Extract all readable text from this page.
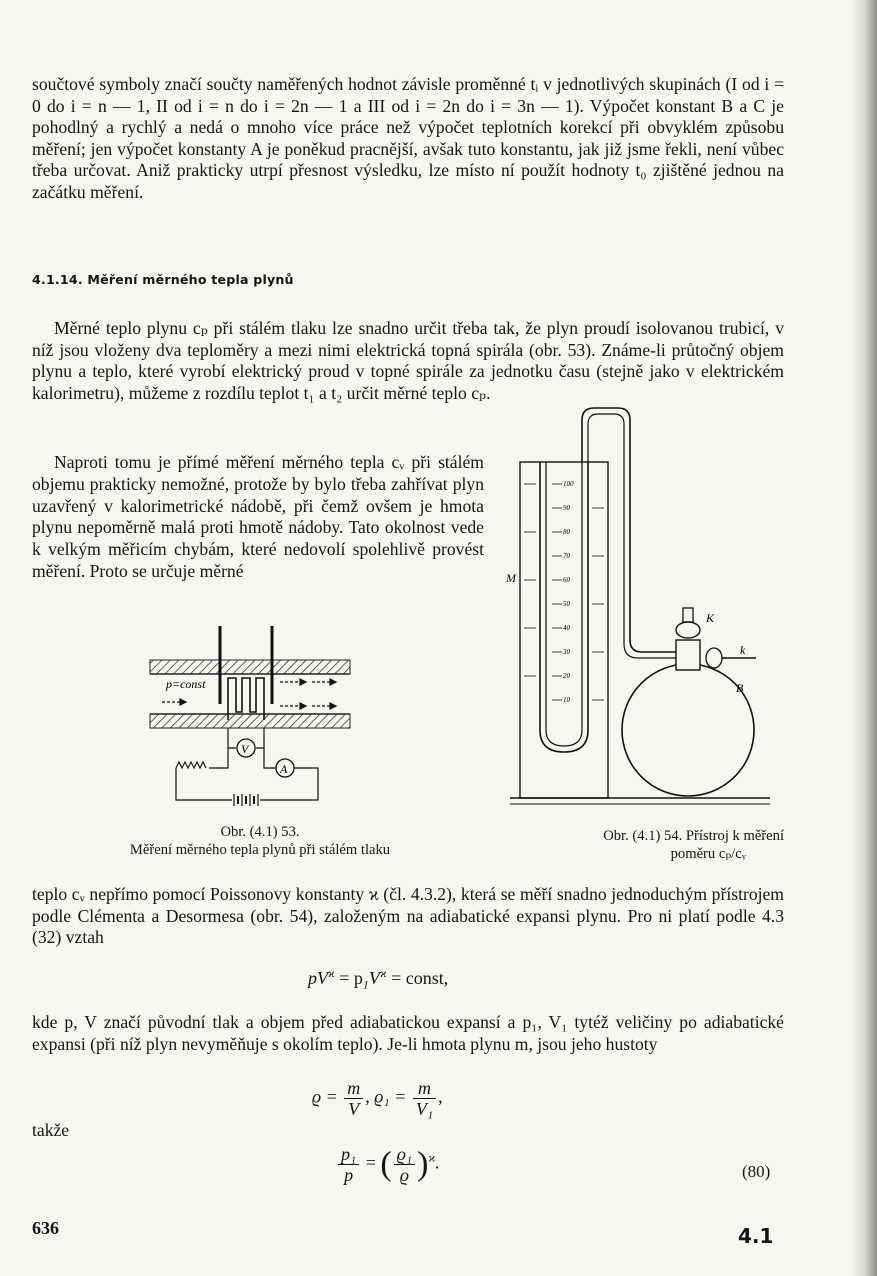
součtové symboly značí součty naměřených hodnot závisle proměnné tᵢ v jednotlivých skupinách (I od i = 0 do i = n — 1, II od i = n do i = 2n — 1 a III od i = 2n do i = 3n — 1). Výpočet konstant B a C je pohodlný a rychlý a nedá o mnoho více práce než výpočet teplotních korekcí při obvyklém způsobu měření; jen výpočet konstanty A je poněkud pracnější, avšak tuto konstantu, jak již jsme řekli, není vůbec třeba určovat. Aniž prakticky utrpí přesnost výsledku, lze místo ní použít hodnoty t₀ zjištěné jednou na začátku měření.

4.1.14. Měření měrného tepla plynů

Měrné teplo plynu cₚ při stálém tlaku lze snadno určit třeba tak, že plyn proudí isolovanou trubicí, v níž jsou vloženy dva teploměry a mezi nimi elektrická topná spirála (obr. 53). Známe-li průtočný objem plynu a teplo, které vyrobí elektrický proud v topné spirále za jednotku času (stejně jako v elektrickém kalorimetru), můžeme z rozdílu teplot t₁ a t₂ určit měrné teplo cₚ.

Naproti tomu je přímé měření měrného tepla cᵥ při stálém objemu prakticky nemožné, protože by bylo třeba zahřívat plyn uzavřený v kalorimetrické nádobě, při čemž ovšem je hmota plynu nepoměrně malá proti hmotě nádoby. Tato okolnost vede k velkým měřicím chybám, které nedovolí spolehlivě provést měření. Proto se určuje měrné

p=const
V
A

Obr. (4.1) 53.

Měření měrného tepla plynů při stálém tlaku

100
90
80
70
60
50
40
30
20
10
M
K
k
B

Obr. (4.1) 54. Přístroj k měření

poměru cₚ/cᵥ

teplo cᵥ nepřímo pomocí Poissonovy konstanty ϰ (čl. 4.3.2), která se měří snadno jednoduchým přístrojem podle Clémenta a Desormesa (obr. 54), založeným na adiabatické expansi plynu. Pro ni platí podle 4.3 (32) vztah

$pV^ϰ = p_1V^ϰ$ = const,

kde p, V značí původní tlak a objem před adiabatickou expansí a p₁, V₁ tytéž veličiny po adiabatické expansi (při níž plyn nevyměňuje s okolím teplo). Je-li hmota plynu m, jsou jeho hustoty

$ϱ = \frac{m}{V}$ , $ϱ_1 = \frac{m}{\text{V₁}}$ ,

takže

$\frac{\text{p₁}}{p}$ = ( $\frac{\text{ϱ₁}}{ϱ} )^ϰ$.	(80)
636	4.1
